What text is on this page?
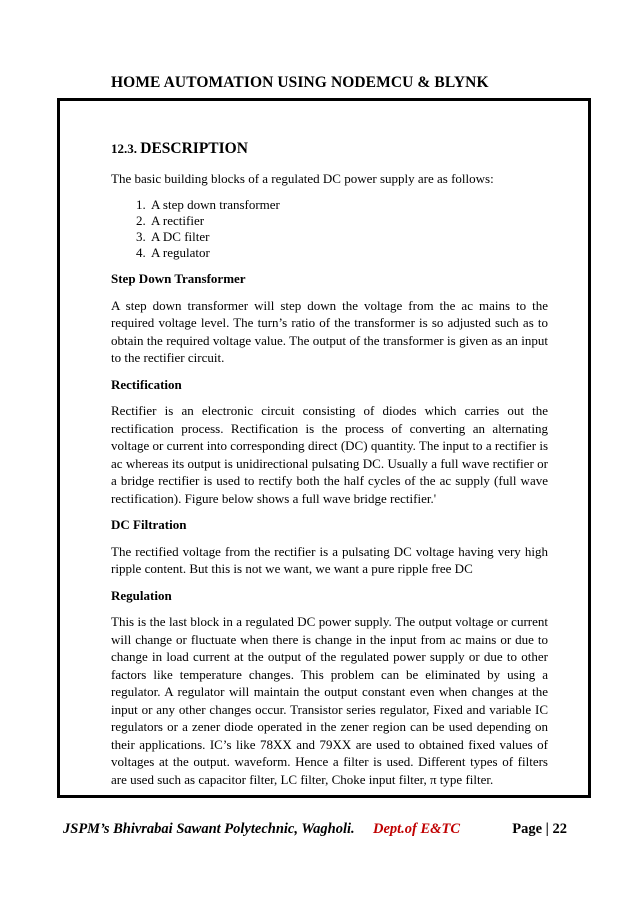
HOME AUTOMATION USING NODEMCU & BLYNK
12.3. DESCRIPTION

The basic building blocks of a regulated DC power supply are as follows:

1. A step down transformer
2. A rectifier
3. A DC filter
4. A regulator
Step Down Transformer

A step down transformer will step down the voltage from the ac mains to the required voltage level. The turn’s ratio of the transformer is so adjusted such as to obtain the required voltage value. The output of the transformer is given as an input to the rectifier circuit.

Rectification

Rectifier is an electronic circuit consisting of diodes which carries out the rectification process. Rectification is the process of converting an alternating voltage or current into corresponding direct (DC) quantity. The input to a rectifier is ac whereas its output is unidirectional pulsating DC. Usually a full wave rectifier or a bridge rectifier is used to rectify both the half cycles of the ac supply (full wave rectification). Figure below shows a full wave bridge rectifier.'

DC Filtration

The rectified voltage from the rectifier is a pulsating DC voltage having very high ripple content. But this is not we want, we want a pure ripple free DC

Regulation

This is the last block in a regulated DC power supply. The output voltage or current will change or fluctuate when there is change in the input from ac mains or due to change in load current at the output of the regulated power supply or due to other factors like temperature changes. This problem can be eliminated by using a regulator. A regulator will maintain the output constant even when changes at the input or any other changes occur. Transistor series regulator, Fixed and variable IC regulators or a zener diode operated in the zener region can be used depending on their applications. IC’s like 78XX and 79XX are used to obtained fixed values of voltages at the output. waveform. Hence a filter is used. Different types of filters are used such as capacitor filter, LC filter, Choke input filter, π type filter.

JSPM’s Bhivrabai Sawant Polytechnic, Wagholi. Dept.of E&TC	Page | 22
